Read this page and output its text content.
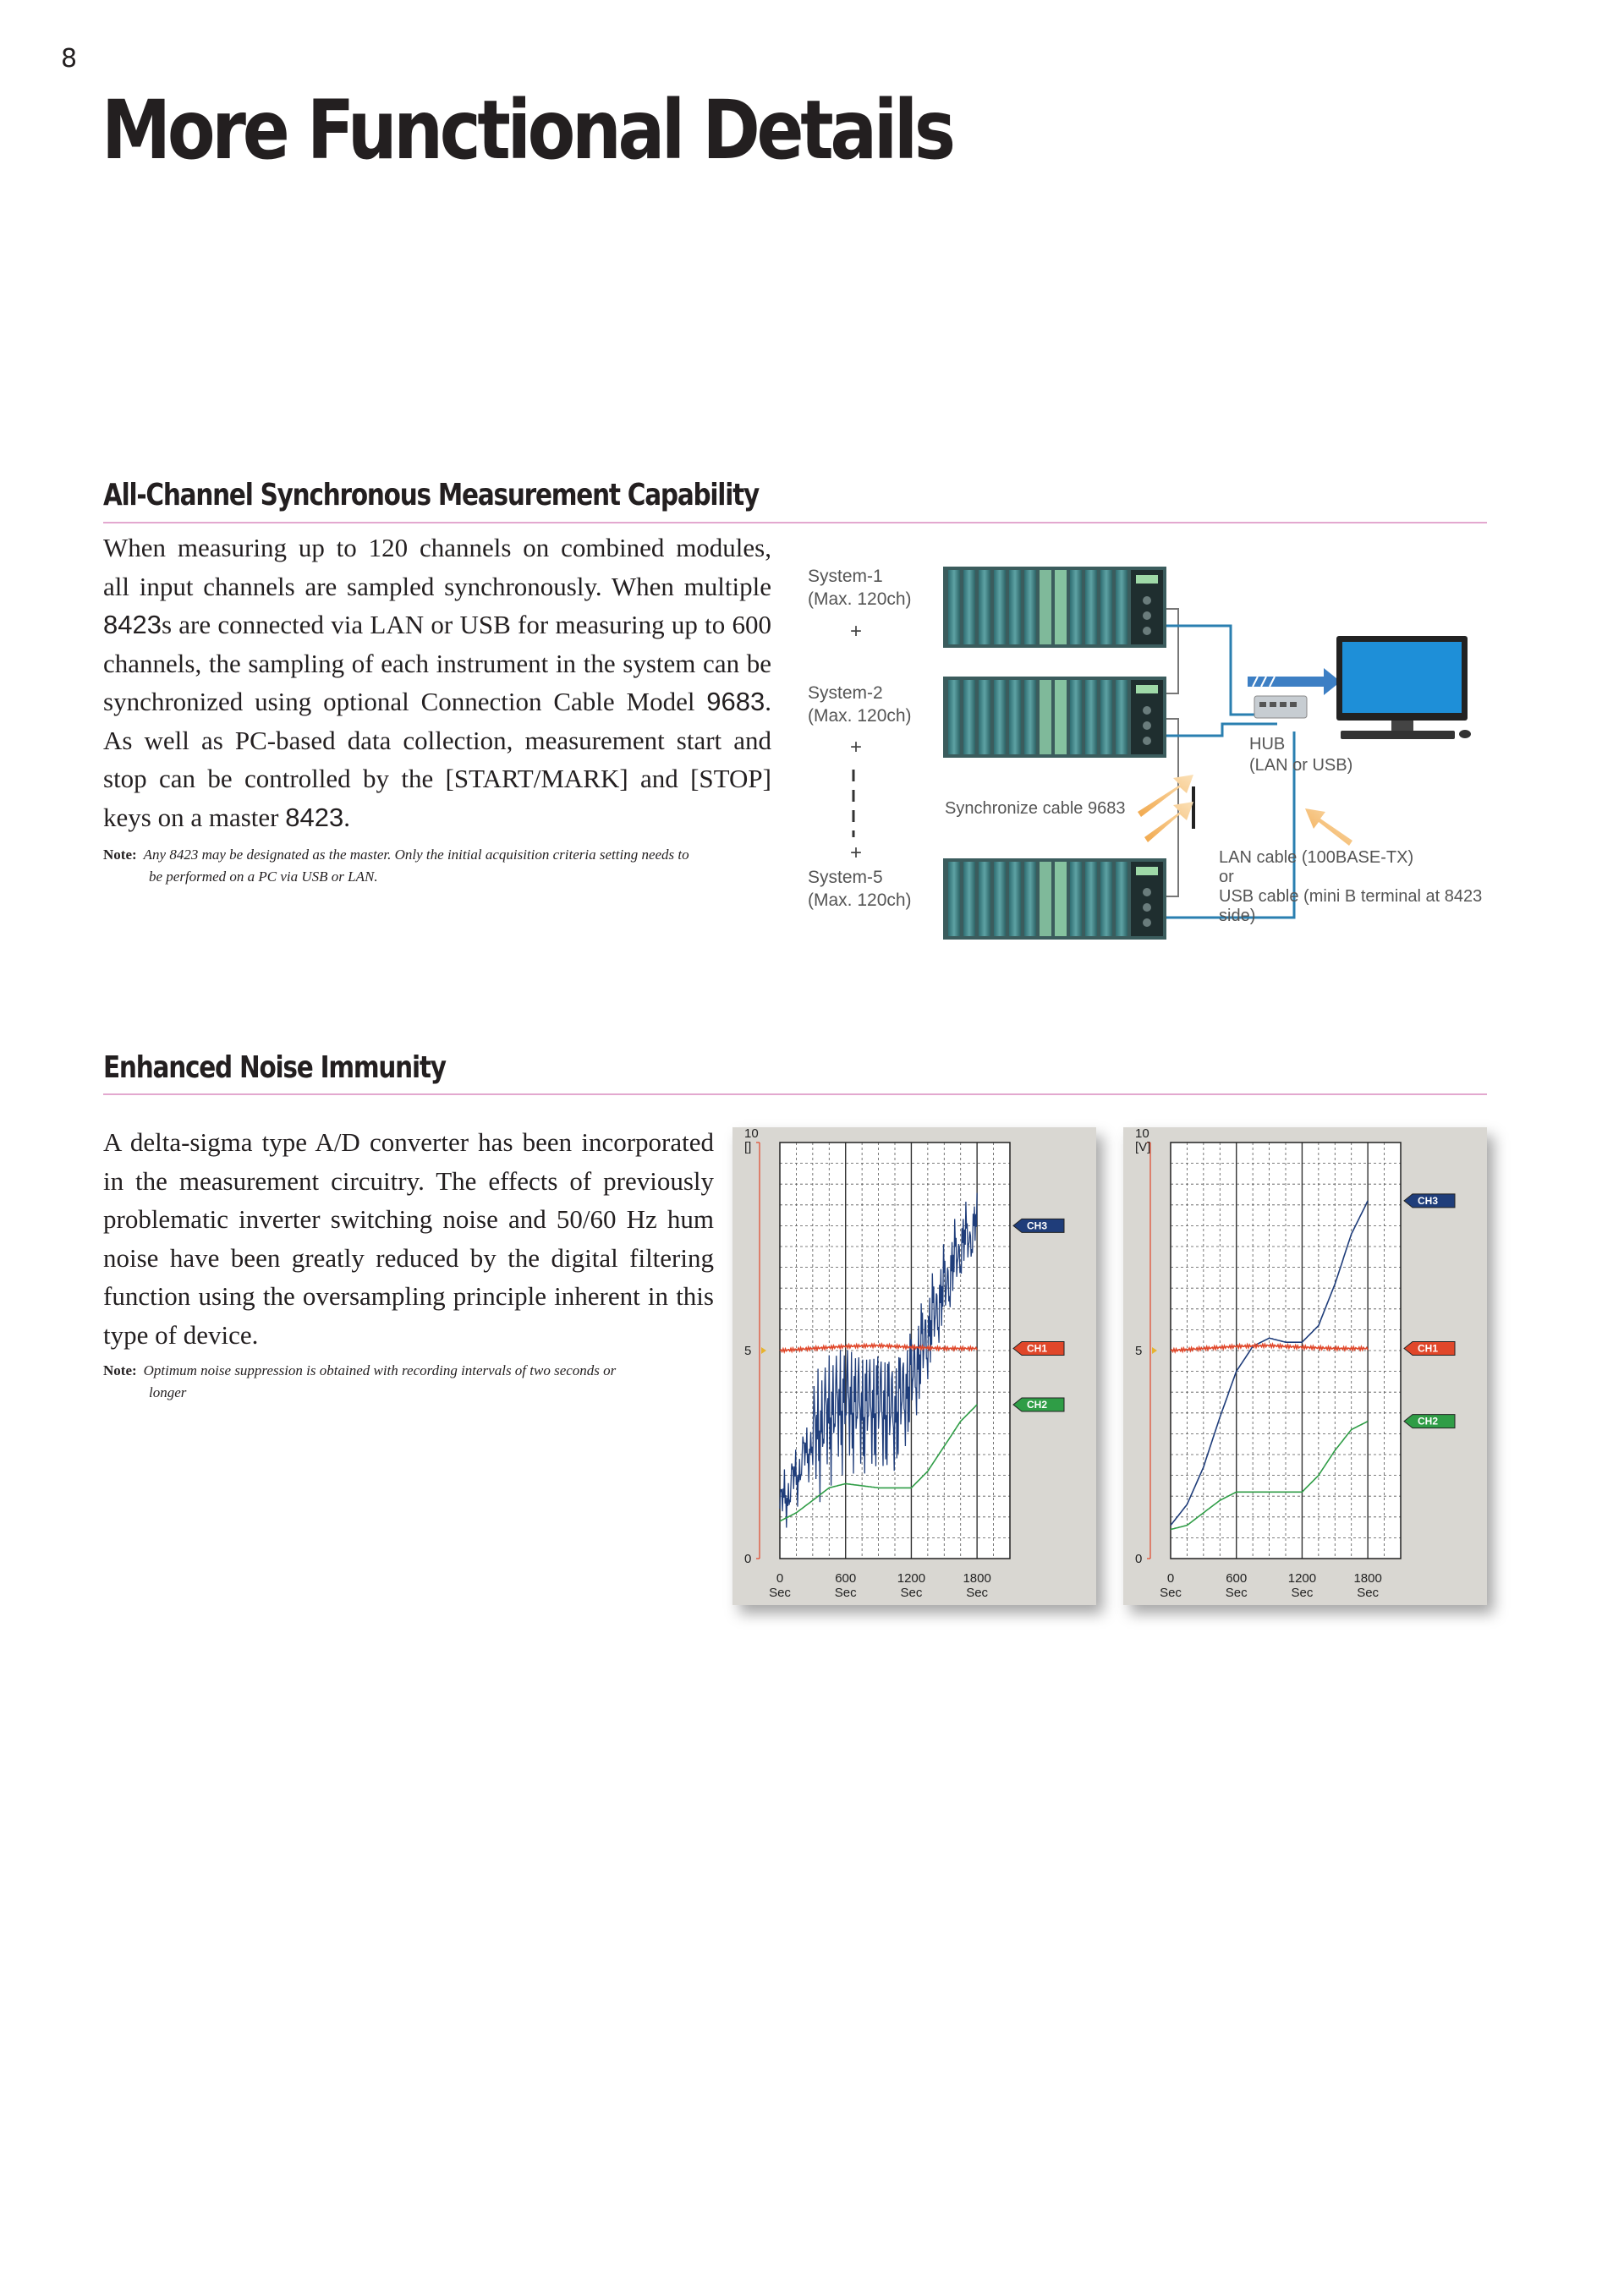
8
More Functional Details
All-Channel Synchronous Measurement Capability
When measuring up to 120 channels on combined modules,
all input channels are sampled synchronously. When multiple
8423s are connected via LAN or USB for measuring up to 600
channels, the sampling of each instrument in the system can be
synchronized using optional Connection Cable Model 9683.
As well as PC-based data collection, measurement start and
stop can be controlled by the [START/MARK] and [STOP]
keys on a master 8423.
Note: Any 8423 may be designated as the master. Only the initial acquisition criteria setting needs to
be performed on a PC via USB or LAN.
System-1
(Max. 120ch)
+
System-2
(Max. 120ch)
+
+
System-5
(Max. 120ch)
HUB
(LAN or USB)
Synchronize cable 9683
LAN cable (100BASE-TX)
or
USB cable (mini B terminal at 8423 side)
Enhanced Noise Immunity
A delta-sigma type A/D converter has been incorporated
in the measurement circuitry. The effects of previously
problematic inverter switching noise and 50/60 Hz hum
noise have been greatly reduced by the digital filtering
function using the oversampling principle inherent in this
type of device.
Note: Optimum noise suppression is obtained with recording intervals of two seconds or
longer
[]
10
5
0
0
Sec
600
Sec
1200
Sec
1800
Sec
CH3
CH1
CH2
[V]
10
5
0
0
Sec
600
Sec
1200
Sec
1800
Sec
CH3
CH1
CH2
